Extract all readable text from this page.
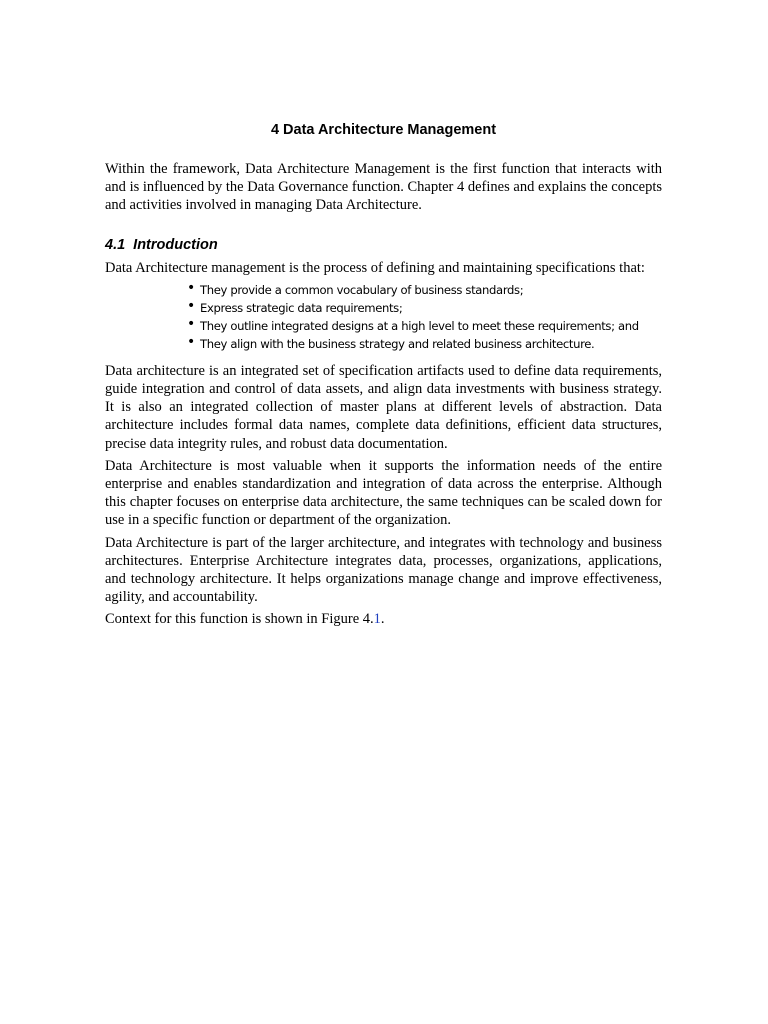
4 Data Architecture Management

Within the framework, Data Architecture Management is the first function that interacts with and is influenced by the Data Governance function. Chapter 4 defines and explains the concepts and activities involved in managing Data Architecture.

4.1 Introduction

Data Architecture management is the process of defining and maintaining specifications that:

• They provide a common vocabulary of business standards;
• Express strategic data requirements;
• They outline integrated designs at a high level to meet these requirements; and
• They align with the business strategy and related business architecture.

Data architecture is an integrated set of specification artifacts used to define data requirements, guide integration and control of data assets, and align data investments with business strategy. It is also an integrated collection of master plans at different levels of abstraction. Data architecture includes formal data names, complete data definitions, efficient data structures, precise data integrity rules, and robust data documentation.

Data Architecture is most valuable when it supports the information needs of the entire enterprise and enables standardization and integration of data across the enterprise. Although this chapter focuses on enterprise data architecture, the same techniques can be scaled down for use in a specific function or department of the organization.

Data Architecture is part of the larger architecture, and integrates with technology and business architectures. Enterprise Architecture integrates data, processes, organizations, applications, and technology architecture. It helps organizations manage change and improve effectiveness, agility, and accountability.

Context for this function is shown in Figure 4.1.
